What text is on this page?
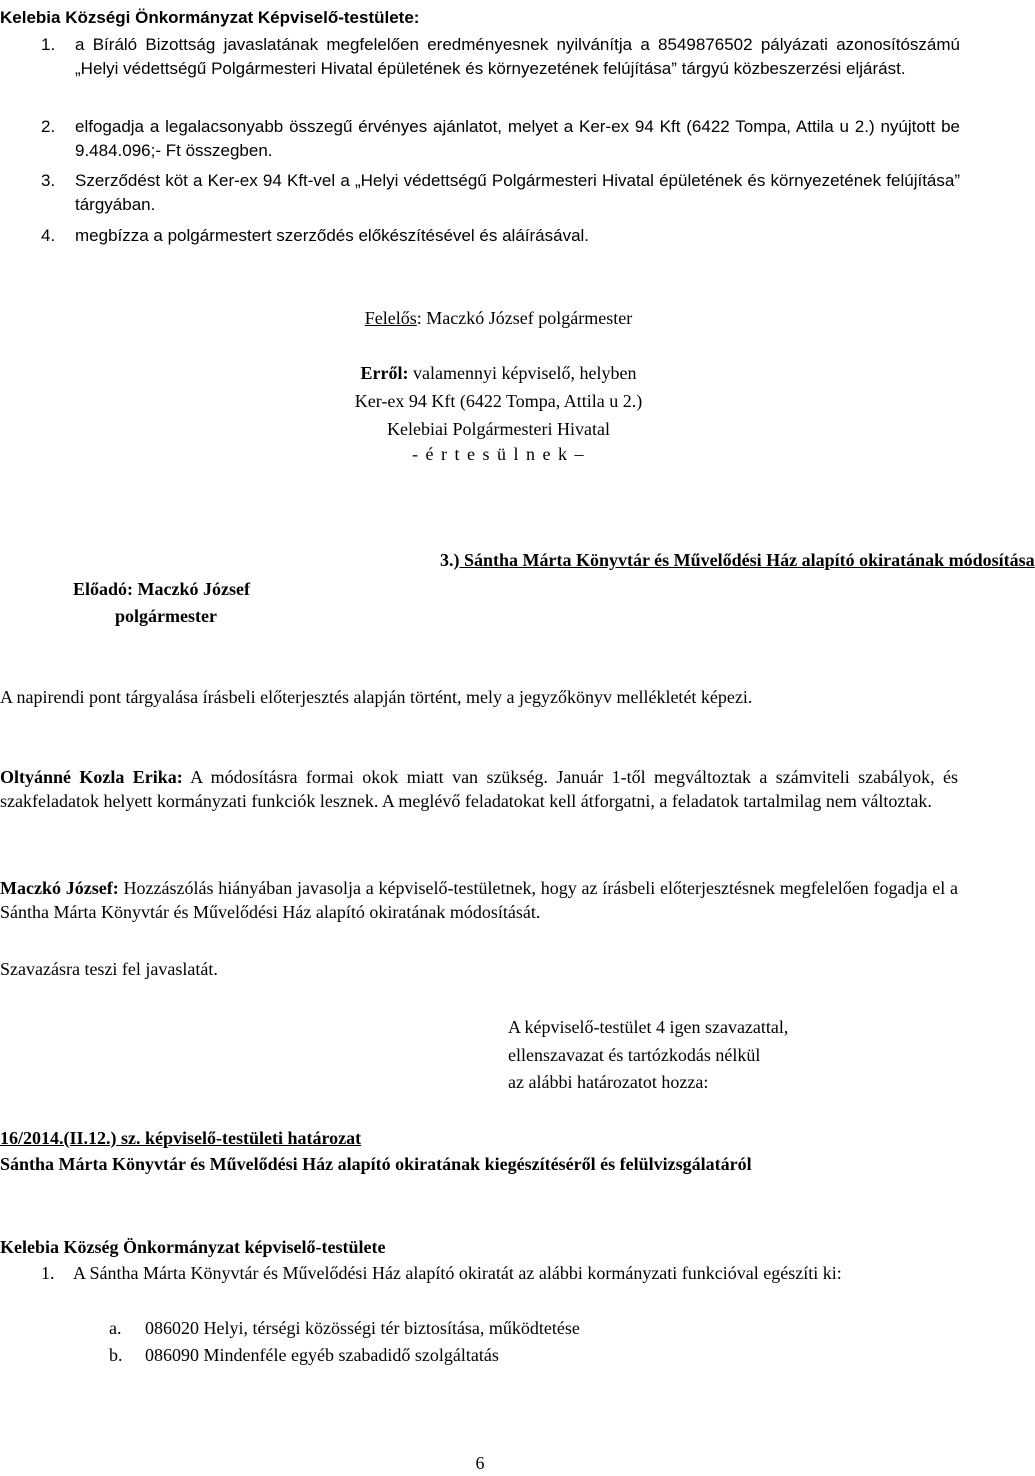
Kelebia Községi Önkormányzat Képviselő-testülete:
1. a Bíráló Bizottság javaslatának megfelelően eredményesnek nyilvánítja a 8549876502 pályázati azonosítószámú „Helyi védettségű Polgármesteri Hivatal épületének és környezetének felújítása” tárgyú közbeszerzési eljárást.
2. elfogadja a legalacsonyabb összegű érvényes ajánlatot, melyet a Ker-ex 94 Kft (6422 Tompa, Attila u 2.) nyújtott be 9.484.096;- Ft összegben.
3. Szerződést köt a Ker-ex 94 Kft-vel a „Helyi védettségű Polgármesteri Hivatal épületének és környezetének felújítása” tárgyában.
4. megbízza a polgármestert szerződés előkészítésével és aláírásával.
Felelős: Maczkó József polgármester
Erről: valamennyi képviselő, helyben
Ker-ex 94 Kft (6422 Tompa, Attila u 2.)
Kelebiai Polgármesteri Hivatal
- é r t e s ü l n e k –
3.) Sántha Márta Könyvtár és Művelődési Ház alapító okiratának módosítása
Előadó: Maczkó József
polgármester
A napirendi pont tárgyalása írásbeli előterjesztés alapján történt, mely a jegyzőkönyv mellékletét képezi.
Oltyánné Kozla Erika: A módosításra formai okok miatt van szükség. Január 1-től megváltoztak a számviteli szabályok, és szakfeladatok helyett kormányzati funkciók lesznek. A meglévő feladatokat kell átforgatni, a feladatok tartalmilag nem változtak.
Maczkó József: Hozzászólás hiányában javasolja a képviselő-testületnek, hogy az írásbeli előterjesztésnek megfelelően fogadja el a Sántha Márta Könyvtár és Művelődési Ház alapító okiratának módosítását.
Szavazásra teszi fel javaslatát.
A képviselő-testület 4 igen szavazattal,
ellenszavazat és tartózkodás nélkül
az alábbi határozatot hozza:
16/2014.(II.12.) sz. képviselő-testületi határozat
Sántha Márta Könyvtár és Művelődési Ház alapító okiratának kiegészítéséről és felülvizsgálatáról
Kelebia Község Önkormányzat képviselő-testülete
1. A Sántha Márta Könyvtár és Művelődési Ház alapító okiratát az alábbi kormányzati funkcióval egészíti ki:
a. 086020 Helyi, térségi közösségi tér biztosítása, működtetése
b. 086090 Mindenféle egyéb szabadidő szolgáltatás
6
